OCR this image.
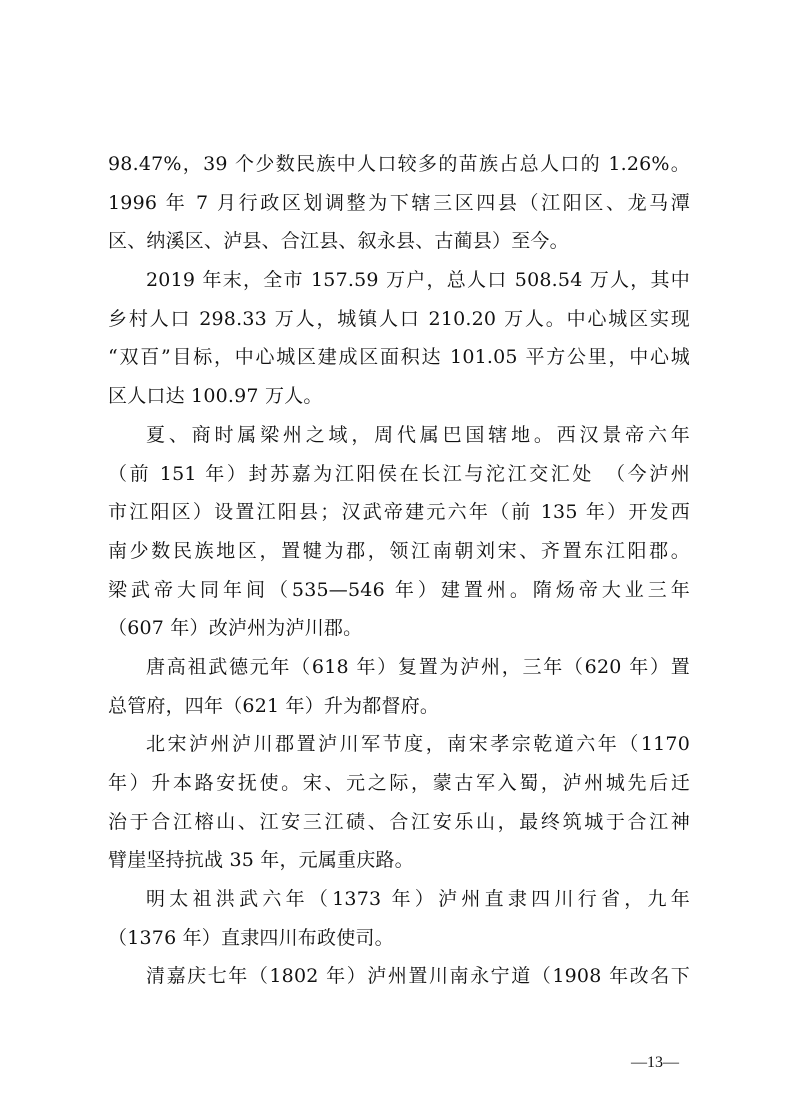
98.47%，39 个少数民族中人口较多的苗族占总人口的 1.26%。
1996 年 7 月行政区划调整为下辖三区四县（江阳区、龙马潭
区、纳溪区、泸县、合江县、叙永县、古蔺县）至今。
2019 年末，全市 157.59 万户，总人口 508.54 万人，其中
乡村人口 298.33 万人，城镇人口 210.20 万人。中心城区实现
“双百”目标，中心城区建成区面积达 101.05 平方公里，中心城
区人口达 100.97 万人。
夏、商时属梁州之域，周代属巴国辖地。西汉景帝六年
（前 151 年）封苏嘉为江阳侯在长江与沱江交汇处　（今泸州
市江阳区）设置江阳县；汉武帝建元六年（前 135 年）开发西
南少数民族地区，置犍为郡，领江南朝刘宋、齐置东江阳郡。
梁武帝大同年间（535—546 年）建置州。隋炀帝大业三年
（607 年）改泸州为泸川郡。
唐高祖武德元年（618 年）复置为泸州，三年（620 年）置
总管府，四年（621 年）升为都督府。
北宋泸州泸川郡置泸川军节度，南宋孝宗乾道六年（1170
年）升本路安抚使。宋、元之际，蒙古军入蜀，泸州城先后迁
治于合江榕山、江安三江碛、合江安乐山，最终筑城于合江神
臂崖坚持抗战 35 年，元属重庆路。
明太祖洪武六年（1373 年）泸州直隶四川行省，九年
（1376 年）直隶四川布政使司。
清嘉庆七年（1802 年）泸州置川南永宁道（1908 年改名下
—13—
